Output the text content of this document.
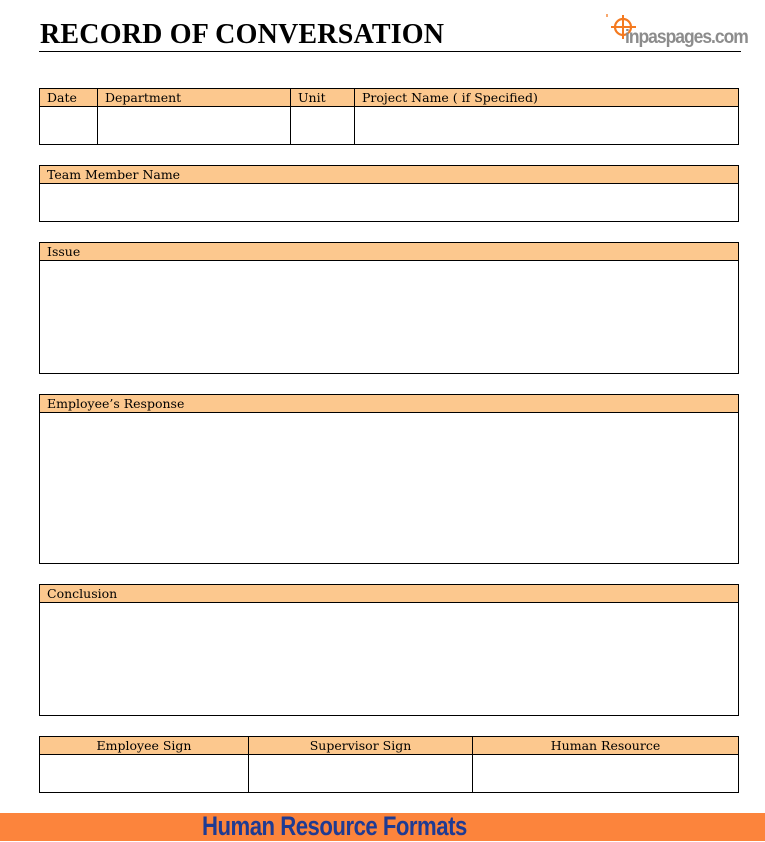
RECORD OF CONVERSATION	inpaspages.com
Date	Department	Unit	Project Name ( if Specified)

Team Member Name

Issue

Employee’s Response

Conclusion

Employee Sign	Supervisor Sign	Human Resource

Human Resource Formats
